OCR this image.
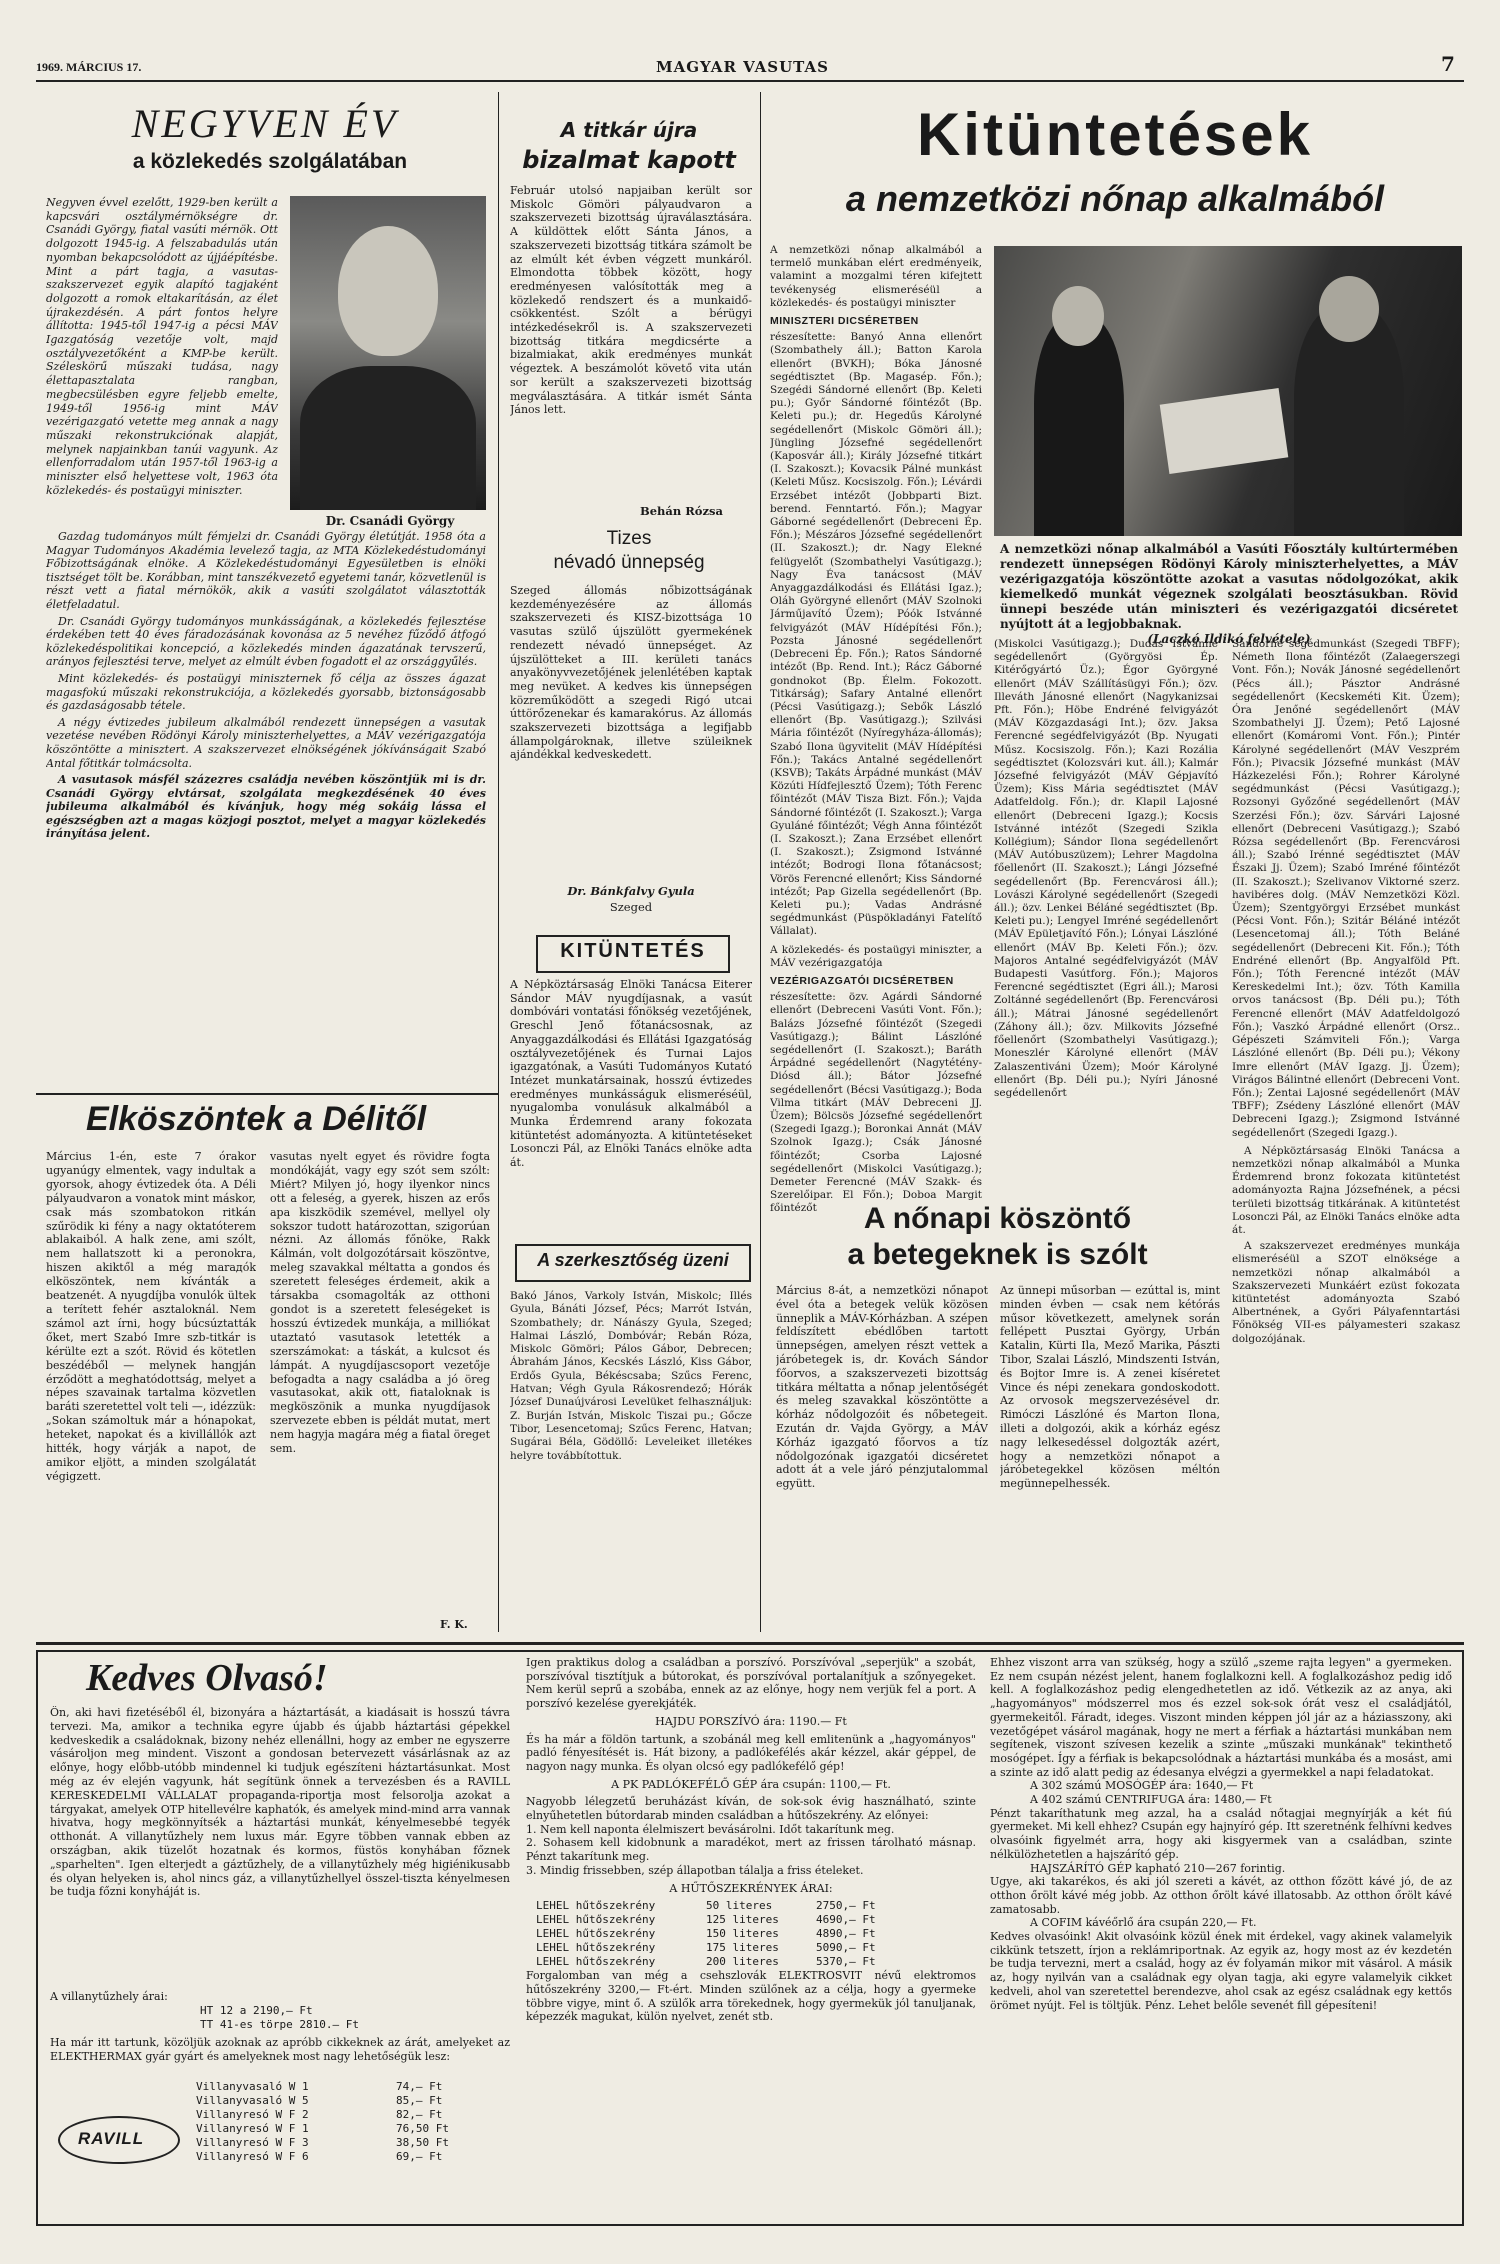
1969. MÁRCIUS 17.	MAGYAR VASUTAS	7
NEGYVEN ÉV
a közlekedés szolgálatában
Negyven évvel ezelőtt, 1929-ben került a kapcsvári osztálymérnökségre dr. Csanádi György, fiatal vasúti mérnök. Ott dolgozott 1945-ig. A felszabadulás után nyomban bekapcsolódott az újjáépítésbe. Mint a párt tagja, a vasutas-szakszervezet egyik alapító tagjaként dolgozott a romok eltakarításán, az élet újrakezdésén. A párt fontos helyre állította: 1945-től 1947-ig a pécsi MÁV Igazgatóság vezetője volt, majd osztályvezetőként a KMP-be került. Széleskörű műszaki tudása, nagy élettapasztalata rangban, megbecsülésben egyre feljebb emelte, 1949-től 1956-ig mint MÁV vezérigazgató vetette meg annak a nagy műszaki rekonstrukciónak alapját, melynek napjainkban tanúi vagyunk. Az ellenforradalom után 1957-től 1963-ig a miniszter első helyettese volt, 1963 óta közlekedés- és postaügyi miniszter.
Dr. Csanádi György

Gazdag tudományos múlt fémjelzi dr. Csanádi György életútját. 1958 óta a Magyar Tudományos Akadémia levelező tagja, az MTA Közlekedéstudományi Főbizottságának elnöke. A Közlekedéstudományi Egyesületben is elnöki tisztséget tölt be. Korábban, mint tanszékvezető egyetemi tanár, közvetlenül is részt vett a fiatal mérnökök, akik a vasúti szolgálatot választották életfeladatul.

Dr. Csanádi György tudományos munkásságának, a közlekedés fejlesztése érdekében tett 40 éves fáradozásának kovonása az 5 nevéhez fűződő átfogó közlekedéspolitikai koncepció, a közlekedés minden ágazatának tervszerű, arányos fejlesztési terve, melyet az elmúlt évben fogadott el az országgyűlés.

Mint közlekedés- és postaügyi miniszternek fő célja az összes ágazat magasfokú műszaki rekonstrukciója, a közlekedés gyorsabb, biztonságosabb és gazdaságosabb tétele.

A négy évtizedes jubileum alkalmából rendezett ünnepségen a vasutak vezetése nevében Rödönyi Károly miniszterhelyettes, a MÁV vezérigazgatója köszöntötte a minisztert. A szakszervezet elnökségének jókívánságait Szabó Antal főtitkár tolmácsolta.

A vasutasok másfél százezres családja nevében köszöntjük mi is dr. Csanádi György elvtársat, szolgálata megkezdésének 40 éves jubileuma alkalmából és kívánjuk, hogy még sokáig lássa el egészségben azt a magas közjogi posztot, melyet a magyar közlekedés irányítása jelent.

Elköszöntek a Délitől
Március 1-én, este 7 órakor ugyanúgy elmentek, vagy indultak a gyorsok, ahogy évtizedek óta. A Déli pályaudvaron a vonatok mint máskor, csak más szombatokon ritkán szűrödik ki fény a nagy oktatóterem ablakaiból. A halk zene, ami szólt, nem hallatszott ki a peronokra, hiszen akiktől a még marадók elköszöntek, nem kívánták a beatzenét. A nyugdíjba vonulók ültek a terített fehér asztaloknál. Nem számol azt írni, hogy búcsúztatták őket, mert Szabó Imre szb-titkár is kérülte ezt a szót. Rövid és kötetlen beszédéből — melynek hangján érződött a meghatódottság, melyet a népes szavainak tartalma közvetlen baráti szeretettel volt teli —, idézzük: „Sokan számoltuk már a hónapokat, heteket, napokat és a kivillállók azt hitték, hogy várják a napot, de amikor eljött, a minden szolgálatát végigzett.
vasutas nyelt egyet és rövidre fogta mondókáját, vagy egy szót sem szólt: Miért? Milyen jó, hogy ilyenkor nincs ott a feleség, a gyerek, hiszen az erős apa kiszködik szemével, mellyel oly sokszor tudott határozottan, szigorúan nézni. Az állomás főnöke, Rakk Kálmán, volt dolgozótársait köszöntve, meleg szavakkal méltatta a gondos és szeretett feleséges érdemeit, akik a társakba csomagolták az otthoni gondot is a szeretett feleségeket is hosszú évtizedek munkája, a milliókat utaztató vasutasok letették a szerszámokat: a táskát, a kulcsot és lámpát. A nyugdíjascsoport vezetője befogadta a nagy családba a jó öreg vasutasokat, akik ott, fiataloknak is megköszönik a munka nyugdíjasok szervezete ebben is példát mutat, mert nem hagyja magára még a fiatal öreget sem.
F. K.
A titkár újra
bizalmat kapott
Február utolsó napjaiban került sor Miskolc Gömöri pályaudvaron a szakszervezeti bizottság újraválasztására. A küldöttek előtt Sánta János, a szakszervezeti bizottság titkára számolt be az elmúlt két évben végzett munkáról. Elmondotta többek között, hogy eredményesen valósították meg a közlekedő rendszert és a munkaidő-csökkentést. Szólt a bérügyi intézkedésekről is. A szakszervezeti bizottság titkára megdicsérte a bizalmiakat, akik eredményes munkát végeztek. A beszámolót követő vita után sor került a szakszervezeti bizottság megválasztására. A titkár ismét Sánta János lett.
Behán Rózsa
Tizes
névadó ünnepség
Szeged állomás nőbizottságának kezdeményezésére az állomás szakszervezeti és KISZ-bizottsága 10 vasutas szülő újszülött gyermekének rendezett névadó ünnepséget. Az újszülötteket a III. kerületi tanács anyakönyvvezetőjének jelenlétében kaptak meg nevüket. A kedves kis ünnepségen közreműködött a szegedi Rigó utcai úttörőzenekar és kamarakórus. Az állomás szakszervezeti bizottsága a legifjabb állampolgároknak, illetve szüleiknek ajándékkal kedveskedett.
Dr. Bánkfalvy Gyula
Szeged
KITÜNTETÉS
A Népköztársaság Elnöki Tanácsa Eiterer Sándor MÁV nyugdíjasnak, a vasút dombóvári vontatási főnökség vezetőjének, Greschl Jenő főtanácsosnak, az Anyaggazdálkodási és Ellátási Igazgatóság osztályvezetőjének és Turnai Lajos igazgatónak, a Vasúti Tudományos Kutató Intézet munkatársainak, hosszú évtizedes eredményes munkásságuk elismeréséül, nyugalomba vonulásuk alkalmából a Munka Érdemrend arany fokozata kitüntetést adományozta. A kitüntetéseket Losonczi Pál, az Elnöki Tanács elnöke adta át.
A szerkesztőség üzeni
Bakó János, Varkoly István, Miskolc; Illés Gyula, Bánáti József, Pécs; Marrót István, Szombathely; dr. Nánászy Gyula, Szeged; Halmai László, Dombóvár; Rebán Róza, Miskolc Gömöri; Pálos Gábor, Debrecen; Ábrahám János, Kecskés László, Kiss Gábor, Erdős Gyula, Békéscsaba; Szűcs Ferenc, Hatvan; Végh Gyula Rákosrendező; Hórák József Dunaújvárosi Levelüket felhasználjuk: Z. Burján István, Miskolc Tiszai pu.; Gőcze Tibor, Lesencetomaj; Szűcs Ferenc, Hatvan; Sugárai Béla, Gödöllő: Leveleiket illetékes helyre továbbítottuk.
Kitüntetések
a nemzetközi nőnap alkalmából
A nemzetközi nőnap alkalmából a termelő munkában elért eredményeik, valamint a mozgalmi téren kifejtett tevékenység elismeréséül a közlekedés- és postaügyi miniszter
MINISZTERI DICSÉRETBEN
részesítette: Banyó Anna ellenőrt (Szombathely áll.); Batton Karola ellenőrt (BVKH); Bóka Jánosné segédtisztet (Bp. Magasép. Főn.); Szegédi Sándorné ellenőrt (Bp. Keleti pu.); Győr Sándorné főintézőt (Bp. Keleti pu.); dr. Hegedűs Károlyné segédellenőrt (Miskolc Gömöri áll.); Jüngling Józsefné segédellenőrt (Kaposvár áll.); Király Józsefné titkárt (I. Szakoszt.); Kovacsik Pálné munkást (Keleti Műsz. Kocsiszolg. Főn.); Lévárdi Erzsébet intézőt (Jobbparti Bizt. berend. Fenntartó. Főn.); Magyar Gáborné segédellenőrt (Debreceni Ép. Főn.); Mészáros Józsefné segédellenőrt (II. Szakoszt.); dr. Nagy Elekné felügyelőt (Szombathelyi Vasútigazg.); Nagy Éva tanácsost (MÁV Anyaggazdálkodási és Ellátási Igaz.); Oláh Györgyné ellenőrt (MÁV Szolnoki Járműjavító Üzem); Póók Istvánné felvigyázót (MÁV Hídépítési Főn.); Pozsta Jánosné segédellenőrt (Debreceni Ép. Főn.); Ratos Sándorné intézőt (Bp. Rend. Int.); Rácz Gáborné gondnokot (Bp. Élelm. Fokozott. Titkárság); Safary Antalné ellenőrt (Pécsi Vasútigazg.); Sebők László ellenőrt (Bp. Vasútigazg.); Szilvási Mária főintézőt (Nyíregyháza-állomás); Szabó Ilona ügyvitelit (MÁV Hídépítési Főn.); Takács Antalné segédellenőrt (KSVB); Takáts Árpádné munkást (MÁV Közúti Hídfejlesztő Üzem); Tóth Ferenc főintézőt (MÁV Tisza Bizt. Főn.); Vajda Sándorné főintézőt (I. Szakoszt.); Varga Gyuláné főintézőt; Végh Anna főintézőt (I. Szakoszt.); Zana Erzsébet ellenőrt (I. Szakoszt.); Zsigmond Istvánné intézőt; Bodrogi Ilona főtanácsost; Vörös Ferencné ellenőrt; Kiss Sándorné intézőt; Pap Gizella segédellenőrt (Bp. Keleti pu.); Vadas Andrásné segédmunkást (Püspökladányi Fatelítő Vállalat).
A közlekedés- és postaügyi miniszter, a MÁV vezérigazgatója
VEZÉRIGAZGATÓI DICSÉRETBEN
részesítette: özv. Agárdi Sándorné ellenőrt (Debreceni Vasúti Vont. Főn.); Balázs Józsefné főintézőt (Szegedi Vasútigazg.); Bálint Lászlóné segédellenőrt (I. Szakoszt.); Baráth Árpádné segédellenőrt (Nagytétény-Diósd áll.); Bátor Józsefné segédellenőrt (Bécsi Vasútigazg.); Boda Vilma titkárt (MÁV Debreceni JJ. Üzem); Bölcsös Józsefné segédellenőrt (Szegedi Igazg.); Boronkai Annát (MÁV Szolnok Igazg.); Csák Jánosné főintézőt; Csorba Lajosné segédellenőrt (Miskolci Vasútigazg.); Demeter Ferencné (MÁV Szakk- és Szerelőipar. El Főn.); Doboa Margit főintézőt
A nemzetközi nőnap alkalmából a Vasúti Főosztály kultúrtermében rendezett ünnepségen Rödönyi Károly miniszterhelyettes, a MÁV vezérigazgatója köszöntötte azokat a vasutas nődolgozókat, akik kiemelkedő munkát végeznek szolgálati beosztásukban. Rövid ünnepi beszéde után miniszteri és vezérigazgatói dicséretet nyújtott át a legjobbaknak.
(Laczkó Ildikó felvétele)
(Miskolci Vasútigazg.); Dudás Istvánné segédellenőrt (Györgyösi Ép. Kitérőgyártó Üz.); Égor Györgyné ellenőrt (MÁV Szállításügyi Főn.); özv. Illeváth Jánosné ellenőrt (Nagykanizsai Pft. Főn.); Höbe Endréné felvigyázót (MÁV Közgazdasági Int.); özv. Jaksa Ferencné segédfelvigyázót (Bp. Nyugati Műsz. Kocsiszolg. Főn.); Kazi Rozália segédtisztet (Kolozsvári kut. áll.); Kalmár Józsefné felvigyázót (MÁV Gépjavító Üzem); Kiss Mária segédtisztet (MÁV Adatfeldolg. Főn.); dr. Klapil Lajosné ellenőrt (Debreceni Igazg.); Kocsis Istvánné intézőt (Szegedi Szikla Kollégium); Sándor Ilona segédellenőrt (MÁV Autóbuszüzem); Lehrer Magdolna főellenőrt (II. Szakoszt.); Lángi Józsefné segédellenőrt (Bp. Ferencvárosi áll.); Lovászi Károlyné segédellenőrt (Szegedi áll.); özv. Lenkei Béláné segédtisztet (Bp. Keleti pu.); Lengyel Imréné segédellenőrt (MÁV Epületjavító Főn.); Lónyai Lászlóné ellenőrt (MÁV Bp. Keleti Főn.); özv. Majoros Antalné segédfelvigyázót (MÁV Budapesti Vasútforg. Főn.); Majoros Ferencné segédtisztet (Egri áll.); Marosi Zoltánné segédellenőrt (Bp. Ferencvárosi áll.); Mátrai Jánosné segédellenőrt (Záhony áll.); özv. Milkovits Józsefné főellenőrt (Szombathelyi Vasútigazg.); Moneszlér Károlyné ellenőrt (MÁV Zalaszentiváni Üzem); Moór Károlyné ellenőrt (Bp. Déli pu.); Nyíri Jánosné segédellenőrt
Sándorné segédmunkást (Szegedi TBFF); Németh Ilona főintézőt (Zalaegerszegi Vont. Főn.); Novák Jánosné segédellenőrt (Pécs áll.); Pásztor Andrásné segédellenőrt (Kecskeméti Kit. Üzem); Óra Jenőné segédellenőrt (MÁV Szombathelyi JJ. Üzem); Pető Lajosné ellenőrt (Komáromi Vont. Főn.); Pintér Károlyné segédellenőrt (MÁV Veszprém Főn.); Pivacsik Józsefné munkást (MÁV Házkezelési Főn.); Rohrer Károlyné segédmunkást (Pécsi Vasútigazg.); Rozsonyi Győzőné segédellenőrt (MÁV Szerzési Főn.); özv. Sárvári Lajosné ellenőrt (Debreceni Vasútigazg.); Szabó Rózsa segédellenőrt (Bp. Ferencvárosi áll.); Szabó Irénné segédtisztet (MÁV Északi Jj. Üzem); Szabó Imréné főintézőt (II. Szakoszt.); Szelivanov Viktorné szerz. havibéres dolg. (MÁV Nemzetközi Közl. Üzem); Szentgyörgyi Erzsébet munkást (Pécsi Vont. Főn.); Szitár Béláné intézőt (Lesencetomaj áll.); Tóth Beláné segédellenőrt (Debreceni Kit. Főn.); Tóth Endréné ellenőrt (Bp. Angyalföld Pft. Főn.); Tóth Ferencné intézőt (MÁV Kereskedelmi Int.); özv. Tóth Kamilla orvos tanácsost (Bp. Déli pu.); Tóth Ferencné ellenőrt (MÁV Adatfeldolgozó Főn.); Vaszkó Árpádné ellenőrt (Orsz.. Gépészeti Számviteli Főn.); Varga Lászlóné ellenőrt (Bp. Déli pu.); Vékony Imre ellenőrt (MÁV Igazg. Jj. Üzem); Virágos Bálintné ellenőrt (Debreceni Vont. Főn.); Zentai Lajosné segédellenőrt (MÁV TBFF); Zsédeny Lászlóné ellenőrt (MÁV Debreceni Igazg.); Zsigmond Istvánné segédellenőrt (Szegedi Igazg.).

A Népköztársaság Elnöki Tanácsa a nemzetközi nőnap alkalmából a Munka Érdemrend bronz fokozata kitüntetést adományozta Rajna Józsefnének, a pécsi területi bizottság titkárának. A kitüntetést Losonczi Pál, az Elnöki Tanács elnöke adta át.

A szakszervezet eredményes munkája elismeréséül a SZOT elnöksége a nemzetközi nőnap alkalmából a Szakszervezeti Munkáért ezüst fokozata kitüntetést adományozta Szabó Albertnének, a Győri Pályafenntartási Főnökség VII-es pályamesteri szakasz dolgozójának.

A nőnapi köszöntő
a betegeknek is szólt
Március 8-át, a nemzetközi nőnapot ével óta a betegek velük közösen ünneplik a MÁV-Kórházban. A szépen feldíszített ebédlőben tartott ünnepségen, amelyen részt vettek a járóbetegek is, dr. Kovách Sándor főorvos, a szakszervezeti bizottság titkára méltatta a nőnap jelentőségét és meleg szavakkal köszöntötte a kórház nődolgozóit és nőbetegeit. Ezután dr. Vajda György, a MÁV Kórház igazgató főorvos a tíz nődolgozónak igazgatói dicséretet adott át a vele járó pénzjutalommal együtt.
Az ünnepi műsorban — ezúttal is, mint minden évben — csak nem kétórás műsor következett, amelynek során fellépett Pusztai György, Urbán Katalin, Kürti Ila, Mező Marika, Pászti Tibor, Szalai László, Mindszenti István, és Bojtor Imre is. A zenei kíséretet Vince és népi zenekara gondoskodott. Az orvosok megszervezésével dr. Rimóczi Lászlóné és Marton Ilona, illeti a dolgozói, akik a kórház egész nagy lelkesedéssel dolgozták azért, hogy a nemzetközi nőnapot a járóbetegekkel közösen méltón megünnepelhessék.
Kedves Olvasó!
Ön, aki havi fizetéséből él, bizonyára a háztartását, a kiadásait is hosszú távra tervezi. Ma, amikor a technika egyre újabb és újabb háztartási gépekkel kedveskedik a családoknak, bizony nehéz ellenállni, hogy az ember ne egyszerre vásároljon meg mindent. Viszont a gondosan betervezett vásárlásnak az az előnye, hogy előbb-utóbb mindennel ki tudjuk egészíteni háztartásunkat. Most még az év elején vagyunk, hát segítünk önnek a tervezésben és a RAVILL KERESKEDELMI VÁLLALAT propaganda-riportja most felsorolja azokat a tárgyakat, amelyek OTP hitellevélre kaphatók, és amelyek mind-mind arra vannak hivatva, hogy megkönnyítsék a háztartási munkát, kényelmesebbé tegyék otthonát. A villanytűzhely nem luxus már. Egyre többen vannak ebben az országban, akik tüzelőt hozatnak és kormos, füstös konyhában főznek „sparhelten". Igen elterjedt a gáztűzhely, de a villanytűzhely még higiénikusabb és olyan helyeken is, ahol nincs gáz, a villanytűzhellyel összel-tiszta kényelmesen be tudja főzni konyháját is.
A villanytűzhely árai:
HT 12 a 2190,— Ft
TT 41-es törpe 2810.— Ft
Ha már itt tartunk, közöljük azoknak az apróbb cikkeknek az árát, amelyeket az ELEKTHERMAX gyár gyárt és amelyeknek most nagy lehetőségük lesz:
RAVILL
Villanyvasaló W 1	74,— Ft
Villanyvasaló W 5	85,— Ft
Villanyresó W F 2	82,— Ft
Villanyresó W F 1	76,50 Ft
Villanyresó W F 3	38,50 Ft
Villanyresó W F 6	69,— Ft
Igen praktikus dolog a családban a porszívó. Porszívóval „seperjük" a szobát, porszívóval tisztítjuk a bútorokat, és porszívóval portalanítjuk a szőnyegeket. Nem kerül seprű a szobába, ennek az az előnye, hogy nem verjük fel a port. A porszívó kezelése gyerekjáték.
HAJDU PORSZÍVÓ ára: 1190.— Ft
És ha már a földön tartunk, a szobánál meg kell emlitenünk a „hagyományos" padló fényesítését is. Hát bizony, a padlókefélés akár kézzel, akár géppel, de nagyon nagy munka. És olyan olcsó egy padlókefélő gép!
A PK PADLÓKEFÉLŐ GÉP ára csupán: 1100,— Ft.
Nagyobb lélegzetű beruházást kíván, de sok-sok évig használható, szinte elnyűhetetlen bútordarab minden családban a hűtőszekrény. Az előnyei:
1. Nem kell naponta élelmiszert bevásárolni. Időt takarítunk meg.
2. Sohasem kell kidobnunk a maradékot, mert az frissen tárolható másnap. Pénzt takarítunk meg.
3. Mindig frissebben, szép állapotban tálalja a friss ételeket.
A HŰTŐSZEKRÉNYEK ÁRAI:
LEHEL hűtőszekrény	50 literes	2750,— Ft
LEHEL hűtőszekrény	125 literes	4690,— Ft
LEHEL hűtőszekrény	150 literes	4890,— Ft
LEHEL hűtőszekrény	175 literes	5090,— Ft
LEHEL hűtőszekrény	200 literes	5370,— Ft
Forgalomban van még a csehszlovák ELEKTROSVIT névű elektromos hűtőszekrény 3200,— Ft-ért. Minden szülőnek az a célja, hogy a gyermeke többre vigye, mint ő. A szülők arra törekednek, hogy gyermekük jól tanuljanak, képezzék magukat, külön nyelvet, zenét stb.
Ehhez viszont arra van szükség, hogy a szülő „szeme rajta legyen" a gyermeken. Ez nem csupán nézést jelent, hanem foglalkozni kell. A foglalkozáshoz pedig idő kell. A foglalkozáshoz pedig elengedhetetlen az idő. Vétkezik az az anya, aki „hagyományos" módszerrel mos és ezzel sok-sok órát vesz el családjától, gyermekeitől. Fáradt, ideges. Viszont minden képpen jól jár az a háziasszony, aki vezetőgépet vásárol magának, hogy ne mert a férfiak a háztartási munkában nem segítenek, viszont szívesen kezelik a szinte „műszaki munkának" tekinthető mosógépet. Így a férfiak is bekapcsolódnak a háztartási munkába és a mosást, ami a szinte az idő alatt pedig az édesanya elvégzi a gyermekkel a napi feladatokat.
A 302 számú MOSÓGÉP ára: 1640,— Ft
A 402 számú CENTRIFUGA ára: 1480,— Ft
Pénzt takaríthatunk meg azzal, ha a család nőtagjai megnyírják a két fiú gyermeket. Mi kell ehhez? Csupán egy hajnyíró gép. Itt szeretnénk felhívni kedves olvasóink figyelmét arra, hogy aki kisgyermek van a családban, szinte nélkülözhetetlen a hajszárító gép.
HAJSZÁRÍTÓ GÉP kapható 210—267 forintig.
Ugye, aki takarékos, és aki jól szereti a kávét, az otthon főzött kávé jó, de az otthon őrölt kávé még jobb. Az otthon őrölt kávé illatosabb. Az otthon őrölt kávé zamatosabb.
A COFIM kávéőrlő ára csupán 220,— Ft.
Kedves olvasóink! Akit olvasóink közül ének mit érdekel, vagy akinek valamelyik cikkünk tetszett, írjon a reklámriportnak. Az egyik az, hogy most az év kezdetén be tudja tervezni, mert a család, hogy az év folyamán mikor mit vásárol. A másik az, hogy nyilván van a családnak egy olyan tagja, aki egyre valamelyik cikket kedveli, ahol van szeretettel berendezve, ahol csak az egész családnak egy kettős örömet nyújt. Fel is töltjük. Pénz. Lehet belőle sevenét fill gépesíteni!
